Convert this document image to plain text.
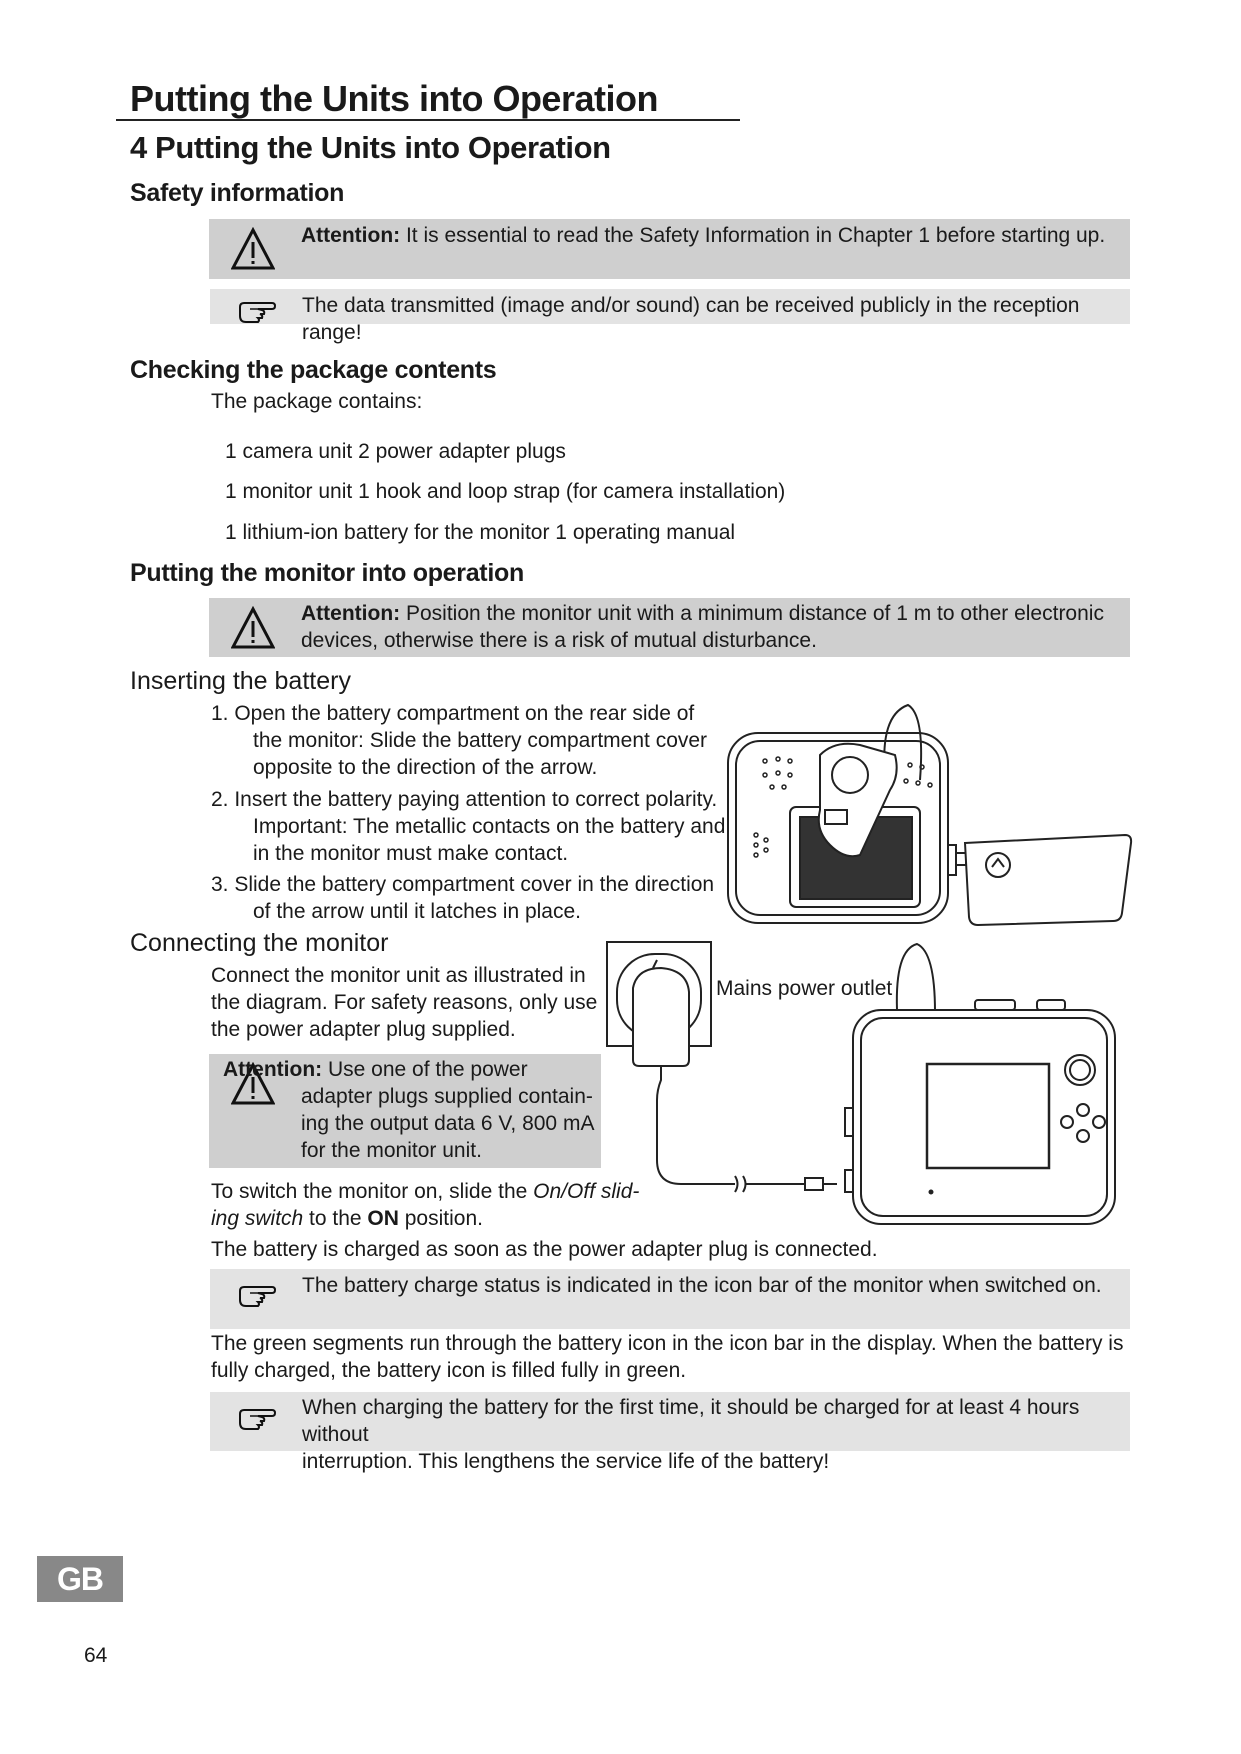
Putting the Units into Operation
4 Putting the Units into Operation
Safety information
Attention: It is essential to read the Safety Information in Chapter 1 before starting up.
The data transmitted (image and/or sound) can be received publicly in the reception range!
Checking the package contents
The package contains:
1 camera unit 2 power adapter plugs
1 monitor unit 1 hook and loop strap (for camera installation)
1 lithium-ion battery for the monitor 1 operating manual
Putting the monitor into operation
Attention: Position the monitor unit with a minimum distance of 1 m to other electronic
devices, otherwise there is a risk of mutual disturbance.
Inserting the battery
1. Open the battery compartment on the rear side of
the monitor: Slide the battery compartment cover
opposite to the direction of the arrow.
2. Insert the battery paying attention to correct polarity.
Important: The metallic contacts on the battery and
in the monitor must make contact.
3. Slide the battery compartment cover in the direction
of the arrow until it latches in place.
Connecting the monitor
Connect the monitor unit as illustrated in
the diagram. For safety reasons, only use
the power adapter plug supplied.
Attention: Use one of the power
adapter plugs supplied contain-
ing the output data 6 V, 800 mA
for the monitor unit.
Mains power outlet
To switch the monitor on, slide the On/Off slid-
ing switch to the ON position.
The battery is charged as soon as the power adapter plug is connected.
The battery charge status is indicated in the icon bar of the monitor when switched on.
The green segments run through the battery icon in the icon bar in the display. When the battery is
fully charged, the battery icon is filled fully in green.
When charging the battery for the first time, it should be charged for at least 4 hours without
interruption. This lengthens the service life of the battery!
GB
64
